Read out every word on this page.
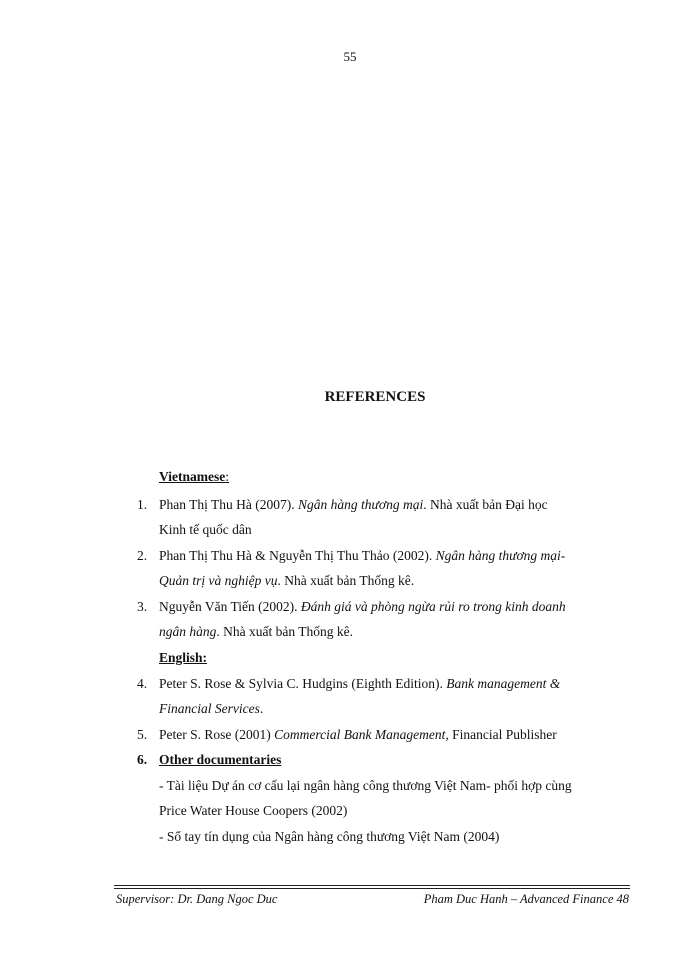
55
REFERENCES
Vietnamese:
1. Phan Thị Thu Hà (2007). Ngân hàng thương mại. Nhà xuất bản Đại học
Kinh tế quốc dân
2. Phan Thị Thu Hà & Nguyễn Thị Thu Thảo (2002). Ngân hàng thương mại-
Quản trị và nghiệp vụ. Nhà xuất bản Thống kê.
3. Nguyễn Văn Tiến (2002). Đánh giá và phòng ngừa rủi ro trong kinh doanh
ngân hàng. Nhà xuất bản Thống kê.
English:
4. Peter S. Rose & Sylvia C. Hudgins (Eighth Edition). Bank management &
Financial Services.
5. Peter S. Rose (2001) Commercial Bank Management, Financial Publisher
6. Other documentaries
- Tài liệu Dự án cơ cấu lại ngân hàng công thương Việt Nam- phối hợp cùng
Price Water House Coopers (2002)
- Sổ tay tín dụng của Ngân hàng công thương Việt Nam (2004)
Supervisor: Dr. Dang Ngoc Duc	Pham Duc Hanh – Advanced Finance 48
